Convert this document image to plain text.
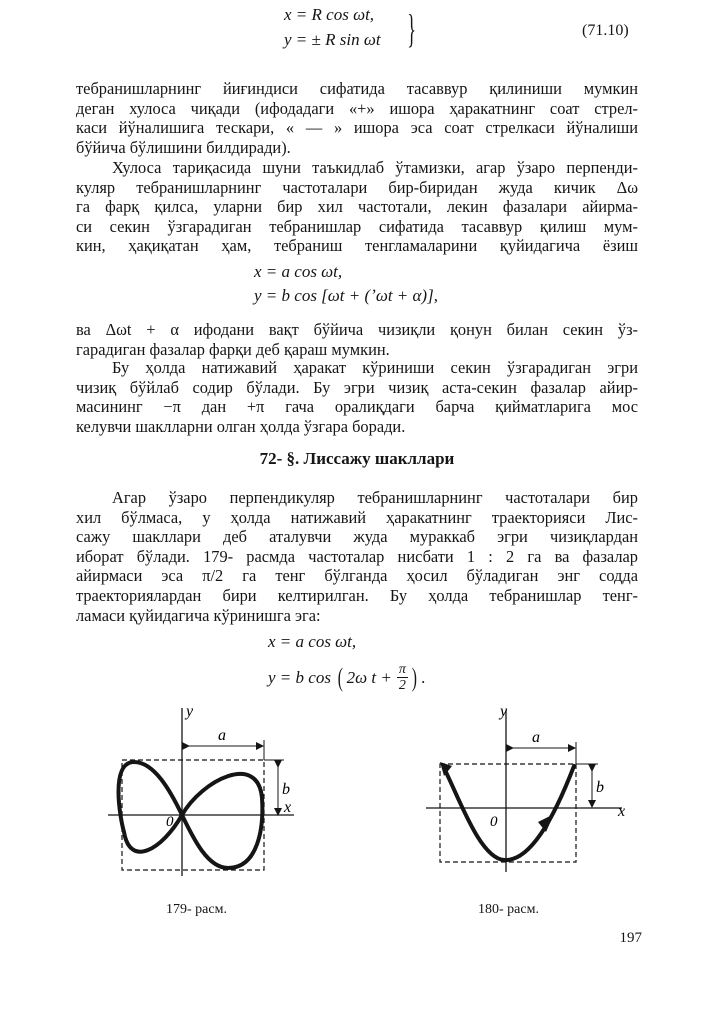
x = R cos ωt,
y = ± R sin ωt }	(71.10)
тебранишларнинг йиғиндиси сифатида тасаввур қилиниши мумкин
деган хулоса чиқади (ифодадаги «+» ишора ҳаракатнинг соат стрел-
каси йўналишига тескари, « — » ишора эса соат стрелкаси йўналиши
бўйича бўлишини билдиради).
Хулоса тариқасида шуни таъкидлаб ўтамизки, агар ўзаро перпенди-
куляр тебранишларнинг частоталари бир-биридан жуда кичик Δω
га фарқ қилса, уларни бир хил частотали, лекин фазалари айирма-
си секин ўзгарадиган тебранишлар сифатида тасаввур қилиш мум-
кин, ҳақиқатан ҳам, тебраниш тенгламаларини қуйидагича ёзиш
x = a cos ωt,
y = b cos [ωt + (ʼωt + α)],
ва Δωt + α ифодани вақт бўйича чизиқли қонун билан секин ўз-
гарадиган фазалар фарқи деб қараш мумкин.
Бу ҳолда натижавий ҳаракат кўриниши секин ўзгарадиган эгри
чизиқ бўйлаб содир бўлади. Бу эгри чизиқ аста-секин фазалар айир-
масининг −π дан +π гача оралиқдаги барча қийматларига мос
келувчи шаклларни олган ҳолда ўзгара боради.
72- §. Лиссажу шакллари
Агар ўзаро перпендикуляр тебранишларнинг частоталари бир
хил бўлмаса, у ҳолда натижавий ҳаракатнинг траекторияси Лис-
сажу шакллари деб аталувчи жуда мураккаб эгри чизиқлардан
иборат бўлади. 179- расмда частоталар нисбати 1 : 2 га ва фазалар
айирмаси эса π/2 га тенг бўлганда ҳосил бўладиган энг содда
траекториялардан бири келтирилган. Бу ҳолда тебранишлар тенг-
ламаси қуйидагича кўринишга эга:
x = a cos ωt,
y = b cos ( 2ω $t + \frac{\pi}{2}$ ) .
y
x
a
b
0
179- расм.
y
x
a
b
0
180- расм.
197
